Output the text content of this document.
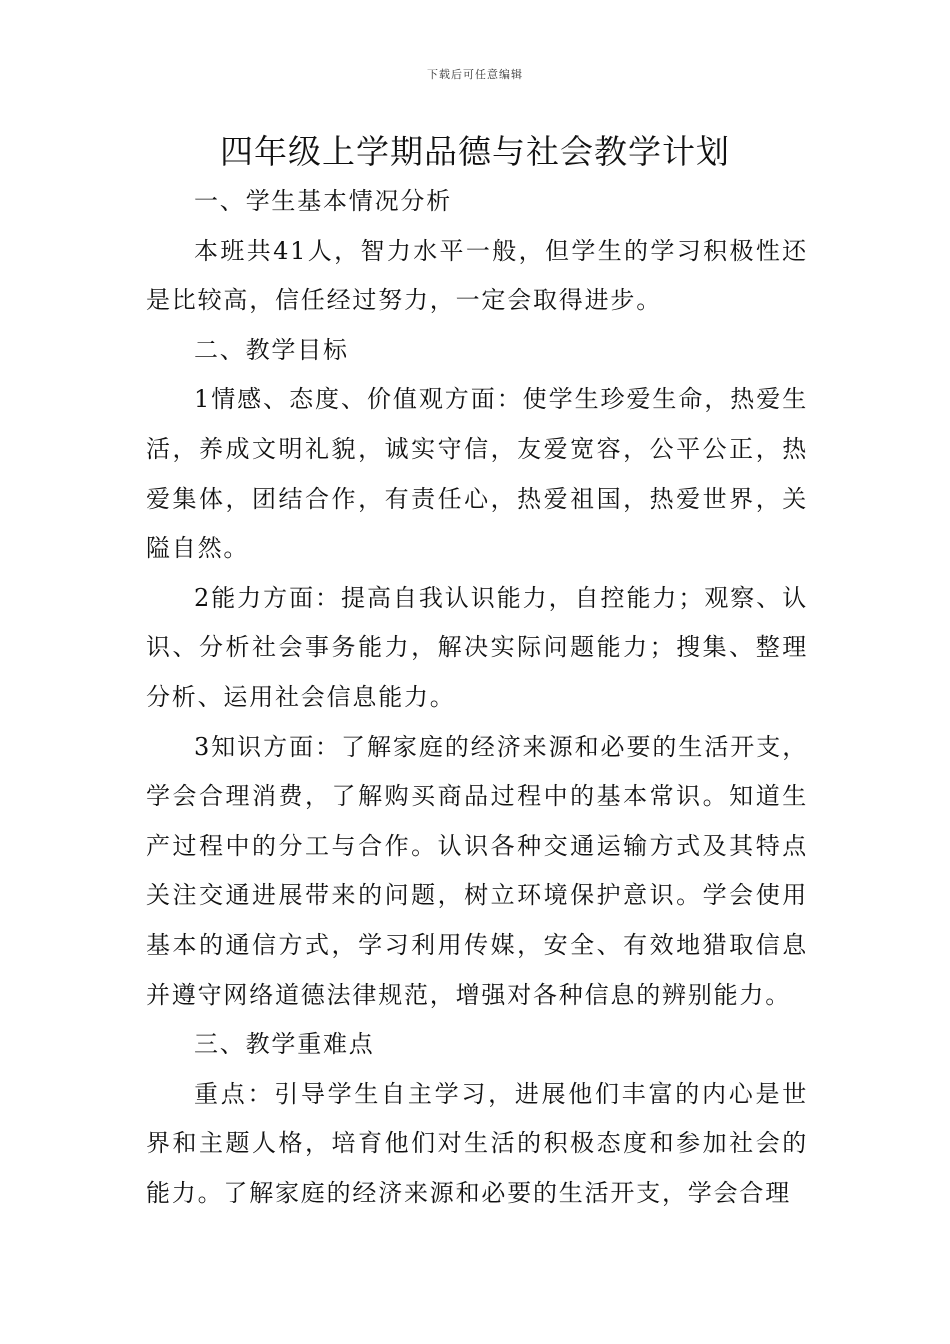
下载后可任意编辑
四年级上学期品德与社会教学计划

一、学生基本情况分析

本班共41人，智力水平一般，但学生的学习积极性还是比较高，信任经过努力，一定会取得进步。

二、教学目标

1情感、态度、价值观方面：使学生珍爱生命，热爱生活，养成文明礼貌，诚实守信，友爱宽容，公平公正，热爱集体，团结合作，有责任心，热爱祖国，热爱世界，关隘自然。

2能力方面：提高自我认识能力，自控能力；观察、认识、分析社会事务能力，解决实际问题能力；搜集、整理分析、运用社会信息能力。

3知识方面：了解家庭的经济来源和必要的生活开支，学会合理消费，了解购买商品过程中的基本常识。知道生产过程中的分工与合作。认识各种交通运输方式及其特点关注交通进展带来的问题，树立环境保护意识。学会使用基本的通信方式，学习利用传媒，安全、有效地猎取信息并遵守网络道德法律规范，增强对各种信息的辨别能力。

三、教学重难点

重点：引导学生自主学习，进展他们丰富的内心是世界和主题人格，培育他们对生活的积极态度和参加社会的能力。了解家庭的经济来源和必要的生活开支，学会合理
